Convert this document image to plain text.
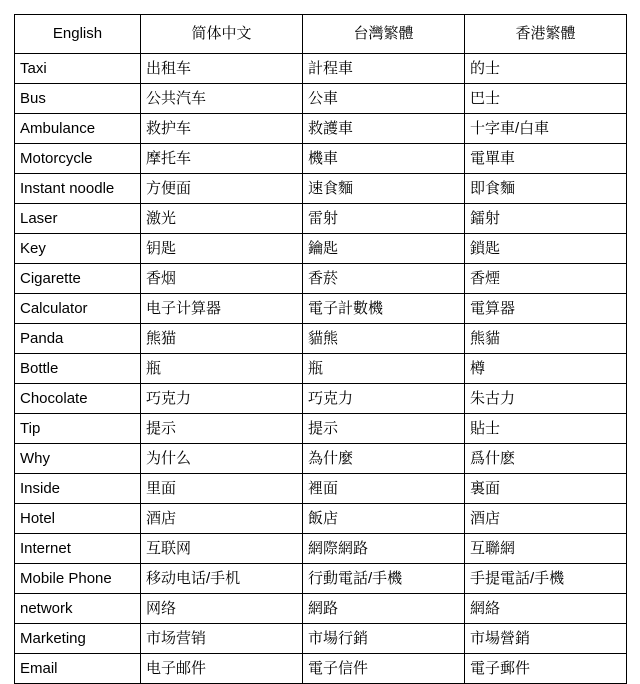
English	简体中文	台灣繁體	香港繁體
Taxi	出租车	計程車	的士
Bus	公共汽车	公車	巴士
Ambulance	救护车	救護車	十字車/白車
Motorcycle	摩托车	機車	電單車
Instant noodle	方便面	速食麵	即食麵
Laser	激光	雷射	鐳射
Key	钥匙	鑰匙	鎖匙
Cigarette	香烟	香菸	香煙
Calculator	电子计算器	電子計數機	電算器
Panda	熊猫	貓熊	熊貓
Bottle	瓶	瓶	樽
Chocolate	巧克力	巧克力	朱古力
Tip	提示	提示	貼士
Why	为什么	為什麼	爲什麽
Inside	里面	裡面	裏面
Hotel	酒店	飯店	酒店
Internet	互联网	網際網路	互聯網
Mobile Phone	移动电话/手机	行動電話/手機	手提電話/手機
network	网络	網路	網絡
Marketing	市场营销	市場行銷	市場營銷
Email	电子邮件	電子信件	電子郵件
